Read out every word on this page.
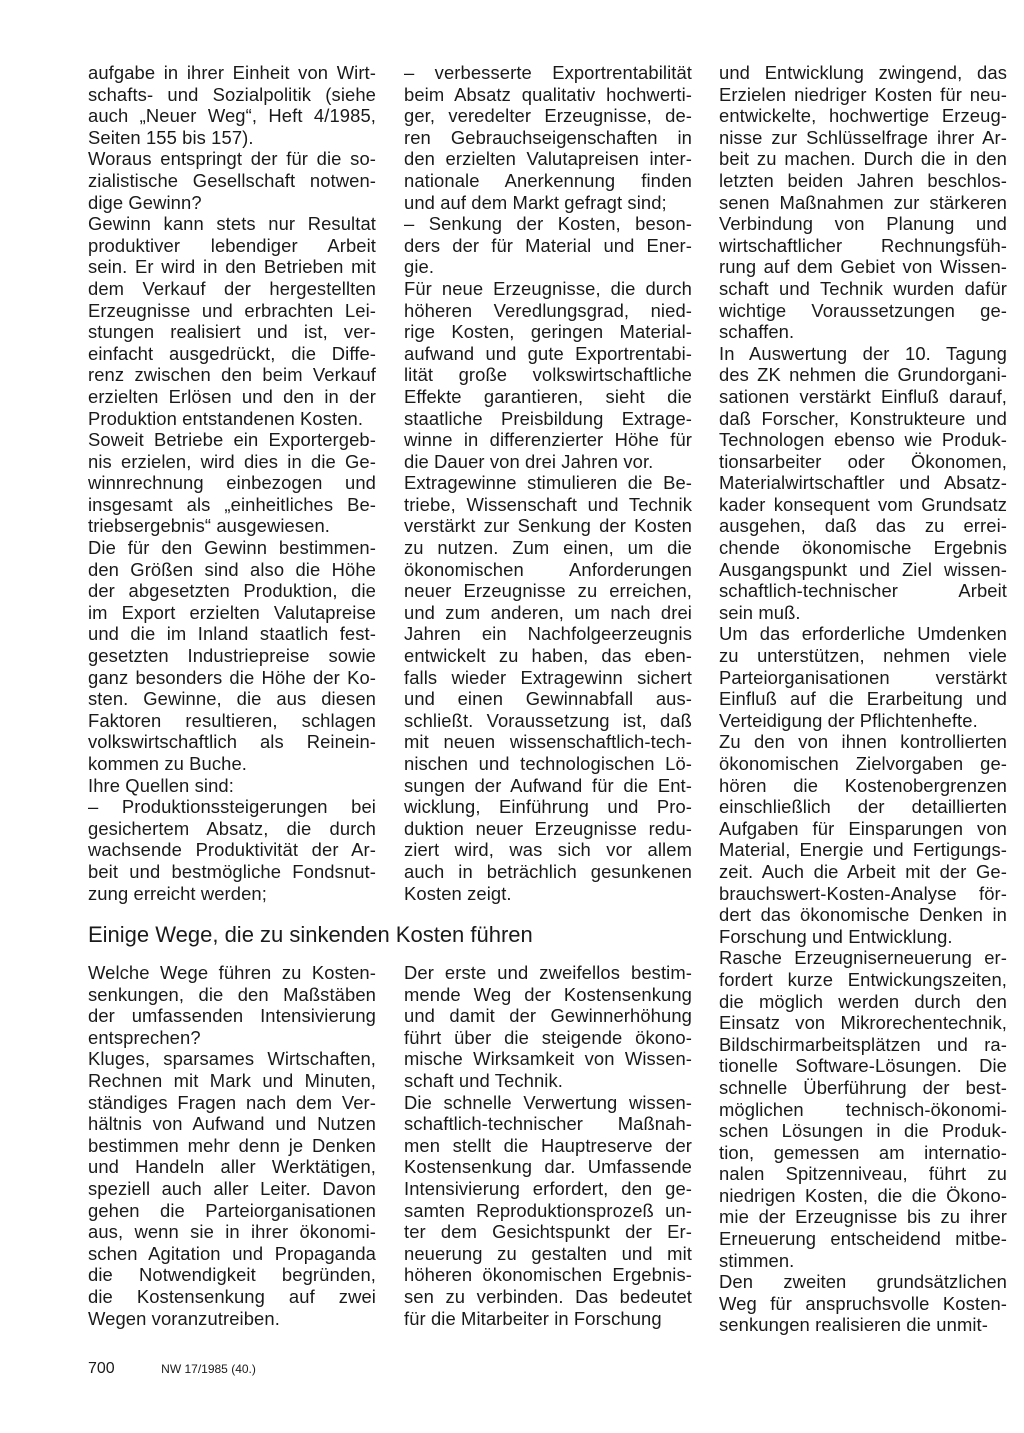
aufgabe in ihrer Einheit von Wirt-
schafts- und Sozialpolitik (siehe
auch „Neuer Weg“, Heft 4/1985,
Seiten 155 bis 157).
Woraus entspringt der für die so-
zialistische Gesellschaft notwen-
dige Gewinn?
Gewinn kann stets nur Resultat
produktiver lebendiger Arbeit
sein. Er wird in den Betrieben mit
dem Verkauf der hergestellten
Erzeugnisse und erbrachten Lei-
stungen realisiert und ist, ver-
einfacht ausgedrückt, die Diffe-
renz zwischen den beim Verkauf
erzielten Erlösen und den in der
Produktion entstandenen Kosten.
Soweit Betriebe ein Exportergeb-
nis erzielen, wird dies in die Ge-
winnrechnung einbezogen und
insgesamt als „einheitliches Be-
triebsergebnis“ ausgewiesen.
Die für den Gewinn bestimmen-
den Größen sind also die Höhe
der abgesetzten Produktion, die
im Export erzielten Valutapreise
und die im Inland staatlich fest-
gesetzten Industriepreise sowie
ganz besonders die Höhe der Ko-
sten. Gewinne, die aus diesen
Faktoren resultieren, schlagen
volkswirtschaftlich als Reinein-
kommen zu Buche.
Ihre Quellen sind:
– Produktionssteigerungen bei
gesichertem Absatz, die durch
wachsende Produktivität der Ar-
beit und bestmögliche Fondsnut-
zung erreicht werden;
– verbesserte Exportrentabilität
beim Absatz qualitativ hochwerti-
ger, veredelter Erzeugnisse, de-
ren Gebrauchseigenschaften in
den erzielten Valutapreisen inter-
nationale Anerkennung finden
und auf dem Markt gefragt sind;
– Senkung der Kosten, beson-
ders der für Material und Ener-
gie.
Für neue Erzeugnisse, die durch
höheren Veredlungsgrad, nied-
rige Kosten, geringen Material-
aufwand und gute Exportrentabi-
lität große volkswirtschaftliche
Effekte garantieren, sieht die
staatliche Preisbildung Extrage-
winne in differenzierter Höhe für
die Dauer von drei Jahren vor.
Extragewinne stimulieren die Be-
triebe, Wissenschaft und Technik
verstärkt zur Senkung der Kosten
zu nutzen. Zum einen, um die
ökonomischen Anforderungen
neuer Erzeugnisse zu erreichen,
und zum anderen, um nach drei
Jahren ein Nachfolgeerzeugnis
entwickelt zu haben, das eben-
falls wieder Extragewinn sichert
und einen Gewinnabfall aus-
schließt. Voraussetzung ist, daß
mit neuen wissenschaftlich-tech-
nischen und technologischen Lö-
sungen der Aufwand für die Ent-
wicklung, Einführung und Pro-
duktion neuer Erzeugnisse redu-
ziert wird, was sich vor allem
auch in beträchlich gesunkenen
Kosten zeigt.
und Entwicklung zwingend, das
Erzielen niedriger Kosten für neu-
entwickelte, hochwertige Erzeug-
nisse zur Schlüsselfrage ihrer Ar-
beit zu machen. Durch die in den
letzten beiden Jahren beschlos-
senen Maßnahmen zur stärkeren
Verbindung von Planung und
wirtschaftlicher Rechnungsfüh-
rung auf dem Gebiet von Wissen-
schaft und Technik wurden dafür
wichtige Voraussetzungen ge-
schaffen.
In Auswertung der 10. Tagung
des ZK nehmen die Grundorgani-
sationen verstärkt Einfluß darauf,
daß Forscher, Konstrukteure und
Technologen ebenso wie Produk-
tionsarbeiter oder Ökonomen,
Materialwirtschaftler und Absatz-
kader konsequent vom Grundsatz
ausgehen, daß das zu errei-
chende ökonomische Ergebnis
Ausgangspunkt und Ziel wissen-
schaftlich-technischer Arbeit
sein muß.
Um das erforderliche Umdenken
zu unterstützen, nehmen viele
Parteiorganisationen verstärkt
Einfluß auf die Erarbeitung und
Verteidigung der Pflichtenhefte.
Zu den von ihnen kontrollierten
ökonomischen Zielvorgaben ge-
hören die Kostenobergrenzen
einschließlich der detaillierten
Aufgaben für Einsparungen von
Material, Energie und Fertigungs-
zeit. Auch die Arbeit mit der Ge-
brauchswert-Kosten-Analyse för-
dert das ökonomische Denken in
Forschung und Entwicklung.
Rasche Erzeugniserneuerung er-
fordert kurze Entwickungszeiten,
die möglich werden durch den
Einsatz von Mikrorechentechnik,
Bildschirmarbeitsplätzen und ra-
tionelle Software-Lösungen. Die
schnelle Überführung der best-
möglichen technisch-ökonomi-
schen Lösungen in die Produk-
tion, gemessen am internatio-
nalen Spitzenniveau, führt zu
niedrigen Kosten, die die Ökono-
mie der Erzeugnisse bis zu ihrer
Erneuerung entscheidend mitbe-
stimmen.
Den zweiten grundsätzlichen
Weg für anspruchsvolle Kosten-
senkungen realisieren die unmit-
Einige Wege, die zu sinkenden Kosten führen
Welche Wege führen zu Kosten-
senkungen, die den Maßstäben
der umfassenden Intensivierung
entsprechen?
Kluges, sparsames Wirtschaften,
Rechnen mit Mark und Minuten,
ständiges Fragen nach dem Ver-
hältnis von Aufwand und Nutzen
bestimmen mehr denn je Denken
und Handeln aller Werktätigen,
speziell auch aller Leiter. Davon
gehen die Parteiorganisationen
aus, wenn sie in ihrer ökonomi-
schen Agitation und Propaganda
die Notwendigkeit begründen,
die Kostensenkung auf zwei
Wegen voranzutreiben.
Der erste und zweifellos bestim-
mende Weg der Kostensenkung
und damit der Gewinnerhöhung
führt über die steigende ökono-
mische Wirksamkeit von Wissen-
schaft und Technik.
Die schnelle Verwertung wissen-
schaftlich-technischer Maßnah-
men stellt die Hauptreserve der
Kostensenkung dar. Umfassende
Intensivierung erfordert, den ge-
samten Reproduktionsprozeß un-
ter dem Gesichtspunkt der Er-
neuerung zu gestalten und mit
höheren ökonomischen Ergebnis-
sen zu verbinden. Das bedeutet
für die Mitarbeiter in Forschung
700	NW 17/1985 (40.)
